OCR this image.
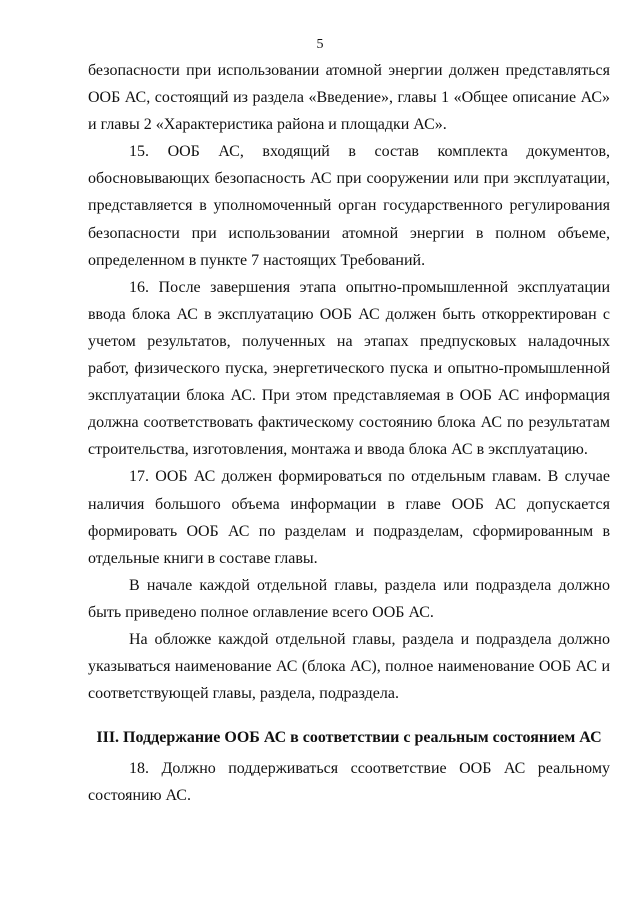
5

безопасности при использовании атомной энергии должен представляться ООБ АС, состоящий из раздела «Введение», главы 1 «Общее описание АС» и главы 2 «Характеристика района и площадки АС».

15. ООБ АС, входящий в состав комплекта документов, обосновывающих безопасность АС при сооружении или при эксплуатации, представляется в уполномоченный орган государственного регулирования безопасности при использовании атомной энергии в полном объеме, определенном в пункте 7 настоящих Требований.

16. После завершения этапа опытно-промышленной эксплуатации ввода блока АС в эксплуатацию ООБ АС должен быть откорректирован с учетом результатов, полученных на этапах предпусковых наладочных работ, физического пуска, энергетического пуска и опытно-промышленной эксплуатации блока АС. При этом представляемая в ООБ АС информация должна соответствовать фактическому состоянию блока АС по результатам строительства, изготовления, монтажа и ввода блока АС в эксплуатацию.

17. ООБ АС должен формироваться по отдельным главам. В случае наличия большого объема информации в главе ООБ АС допускается формировать ООБ АС по разделам и подразделам, сформированным в отдельные книги в составе главы.

В начале каждой отдельной главы, раздела или подраздела должно быть приведено полное оглавление всего ООБ АС.

На обложке каждой отдельной главы, раздела и подраздела должно указываться наименование АС (блока АС), полное наименование ООБ АС и соответствующей главы, раздела, подраздела.

III. Поддержание ООБ АС в соответствии с реальным состоянием АС

18. Должно поддерживаться ссоответствие ООБ АС реальному состоянию АС.
